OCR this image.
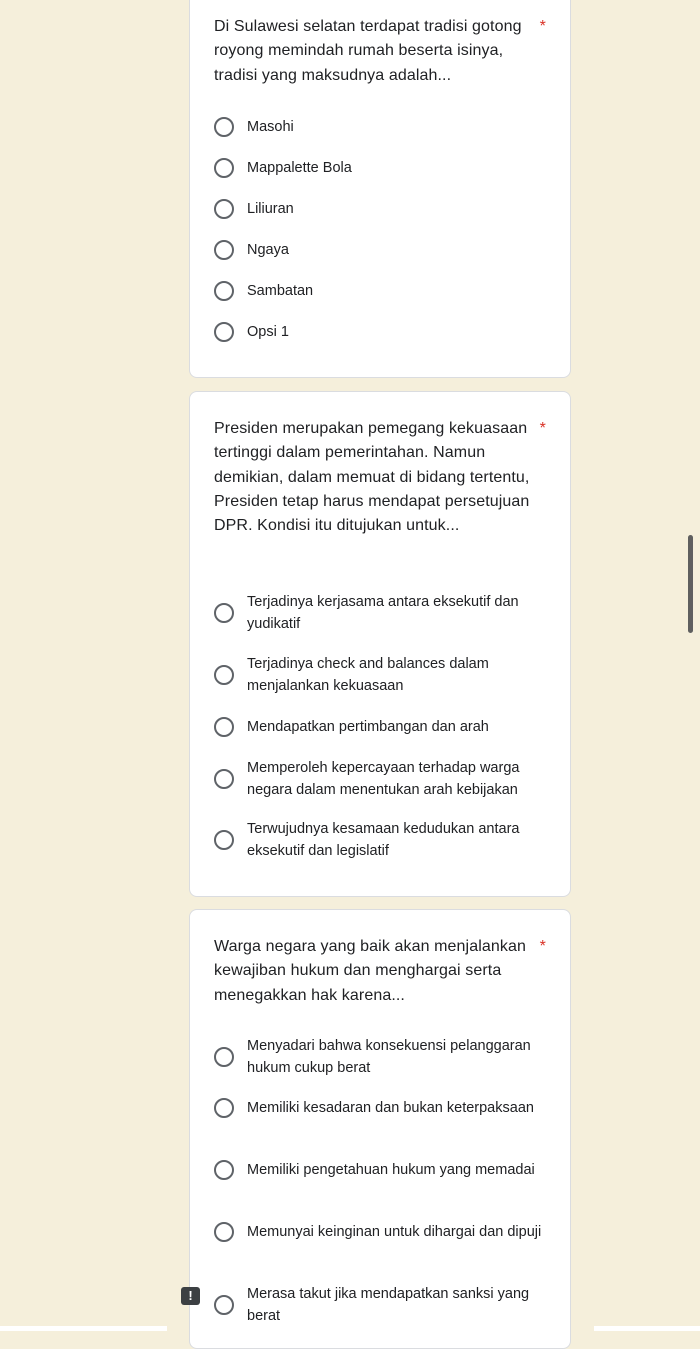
Di Sulawesi selatan terdapat tradisi gotong royong memindah rumah beserta isinya, tradisi yang maksudnya adalah...
*
Masohi
Mappalette Bola
Liliuran
Ngaya
Sambatan
Opsi 1
Presiden merupakan pemegang kekuasaan tertinggi dalam pemerintahan. Namun demikian, dalam memuat di bidang tertentu, Presiden tetap harus mendapat persetujuan DPR. Kondisi itu ditujukan untuk...
*
Terjadinya kerjasama antara eksekutif dan yudikatif
Terjadinya check and balances dalam menjalankan kekuasaan
Mendapatkan pertimbangan dan arah
Memperoleh kepercayaan terhadap warga negara dalam menentukan arah kebijakan
Terwujudnya kesamaan kedudukan antara eksekutif dan legislatif
Warga negara yang baik akan menjalankan kewajiban hukum dan menghargai serta menegakkan hak karena...
*
Menyadari bahwa konsekuensi pelanggaran hukum cukup berat
Memiliki kesadaran dan bukan keterpaksaan
Memiliki pengetahuan hukum yang memadai
Memunyai keinginan untuk dihargai dan dipuji
Merasa takut jika mendapatkan sanksi yang berat
!
